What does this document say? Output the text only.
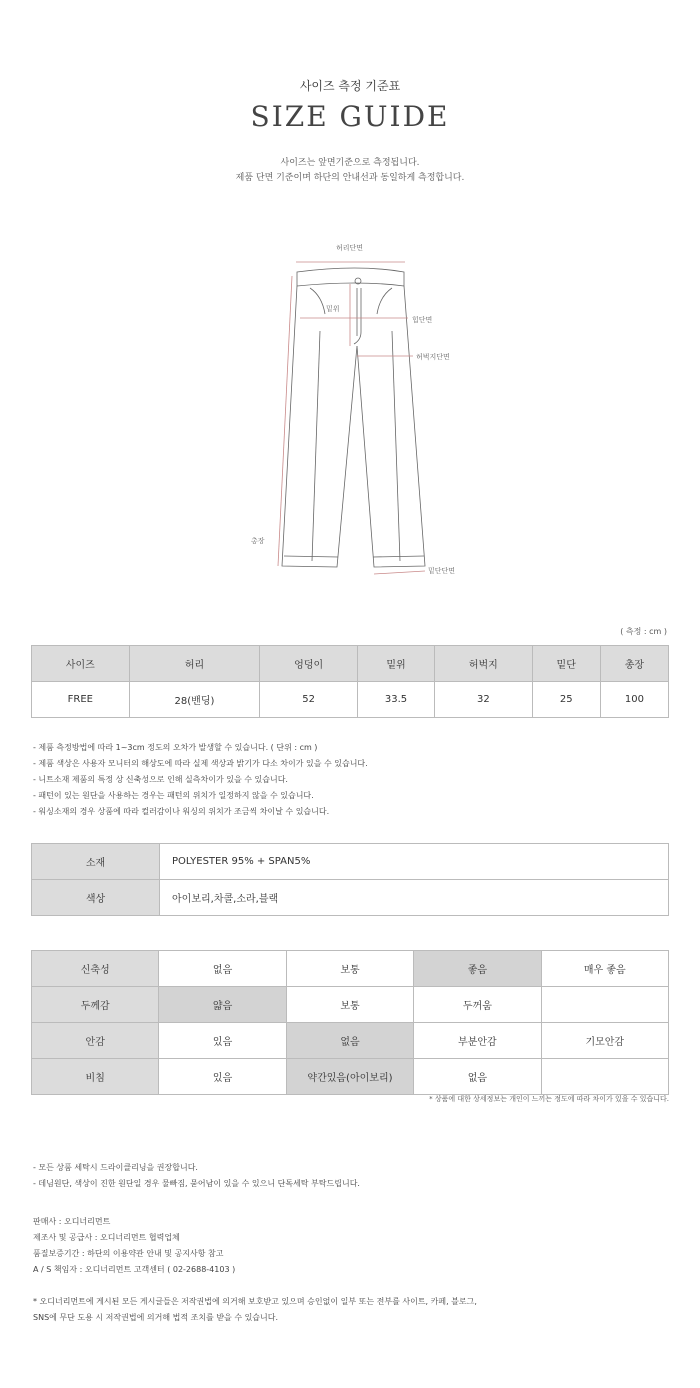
사이즈 측정 기준표
SIZE GUIDE
사이즈는 앞면기준으로 측정됩니다.
제품 단면 기준이며 하단의 안내선과 동일하게 측정합니다.
허리단면
밑위
힙단면
허벅지단면
총장
밑단단면
( 측정 : cm )
사이즈	허리	엉덩이	밑위	허벅지	밑단	총장
FREE	28(밴딩)	52	33.5	32	25	100
- 제품 측정방법에 따라 1~3cm 정도의 오차가 발생할 수 있습니다. ( 단위 : cm )
- 제품 색상은 사용자 모니터의 해상도에 따라 실제 색상과 밝기가 다소 차이가 있을 수 있습니다.
- 니트소재 제품의 특정 상 신축성으로 인해 실측차이가 있을 수 있습니다.
- 패턴이 있는 원단을 사용하는 경우는 패턴의 위치가 일정하지 않을 수 있습니다.
- 워싱소재의 경우 상품에 따라 컬러감이나 워싱의 위치가 조금씩 차이날 수 있습니다.
소재	POLYESTER 95% + SPAN5%
색상	아이보리,차콜,소라,블랙
신축성	없음	보통	좋음	매우 좋음
두께감	얇음	보통	두꺼움	
안감	있음	없음	부분안감	기모안감
비침	있음	약간있음(아이보리)	없음	
* 상품에 대한 상세정보는 개인이 느끼는 정도에 따라 차이가 있을 수 있습니다.
- 모든 상품 세탁시 드라이클리닝을 권장합니다.
- 데님원단, 색상이 진한 원단일 경우 물빠짐, 묻어남이 있을 수 있으니 단독세탁 부탁드립니다.
판매사 : 오디너리먼트
제조사 및 공급사 : 오디너리먼트 협력업체
품질보증기간 : 하단의 이용약관 안내 및 공지사항 참고
A / S 책임자 : 오디너리먼트 고객센터 ( 02-2688-4103 )
* 오디너리먼트에 게시된 모든 게시글들은 저작권법에 의거해 보호받고 있으며 승인없이 일부 또는 전부를 사이트, 카페, 블로그,
SNS에 무단 도용 시 저작권법에 의거해 법적 조치를 받을 수 있습니다.
